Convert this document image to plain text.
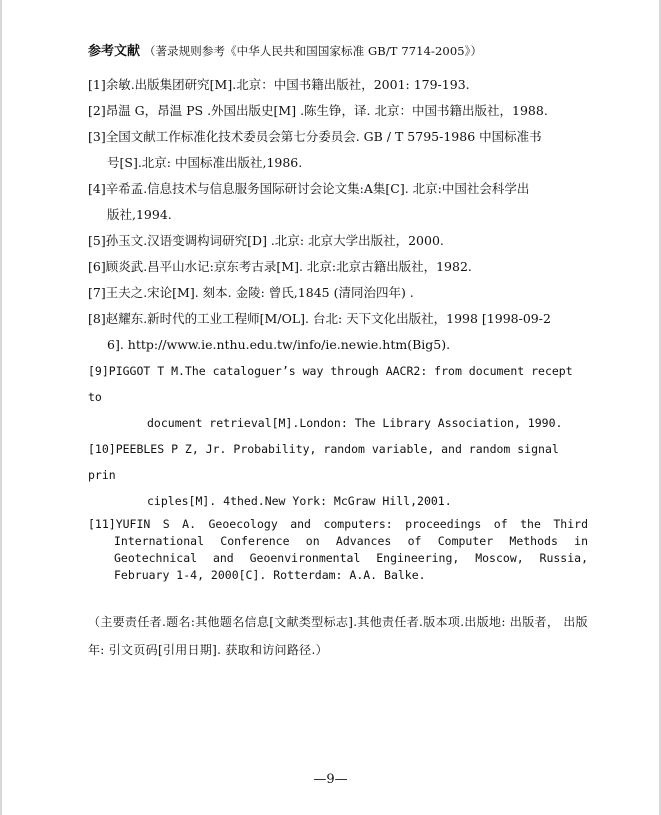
参考文献 （著录规则参考《中华人民共和国国家标准 GB/T 7714-2005》）

[1]余敏.出版集团研究[M].北京：中国书籍出版社，2001: 179-193.

[2]昂温 G，昂温 PS .外国出版史[M] .陈生铮，译. 北京：中国书籍出版社，1988.

[3]全国文献工作标准化技术委员会第七分委员会. GB / T 5795-1986 中国标准书
号[S].北京: 中国标准出版社,1986.

[4]辛希孟.信息技术与信息服务国际研讨会论文集:A集[C]. 北京:中国社会科学出
版社,1994.

[5]孙玉文.汉语变调构词研究[D] .北京: 北京大学出版社，2000.

[6]顾炎武.昌平山水记:京东考古录[M]. 北京:北京古籍出版社，1982.

[7]王夫之.宋论[M]. 刻本. 金陵: 曾氏,1845 (清同治四年) .

[8]赵耀东.新时代的工业工程师[M/OL]. 台北: 天下文化出版社，1998 [1998-09-2
6]. http://www.ie.nthu.edu.tw/info/ie.newie.htm(Big5).

[9]PIGGOT T M.The cataloguer’s way through AACR2: from document recept to
document retrieval[M].London: The Library Association, 1990.

[10]PEEBLES P Z, Jr. Probability, random variable, and random signal prin
ciples[M]. 4thed.New York: McGraw Hill,2001.

[11]YUFIN S A. Geoecology and computers: proceedings of the Third International Conference on Advances of Computer Methods in Geotechnical and Geoenvironmental Engineering, Moscow, Russia, February 1-4, 2000[C]. Rotterdam: A.A. Balke.

（主要责任者.题名:其他题名信息[文献类型标志].其他责任者.版本项.出版地: 出版者， 出版年: 引文页码[引用日期]. 获取和访问路径.）
—9—
